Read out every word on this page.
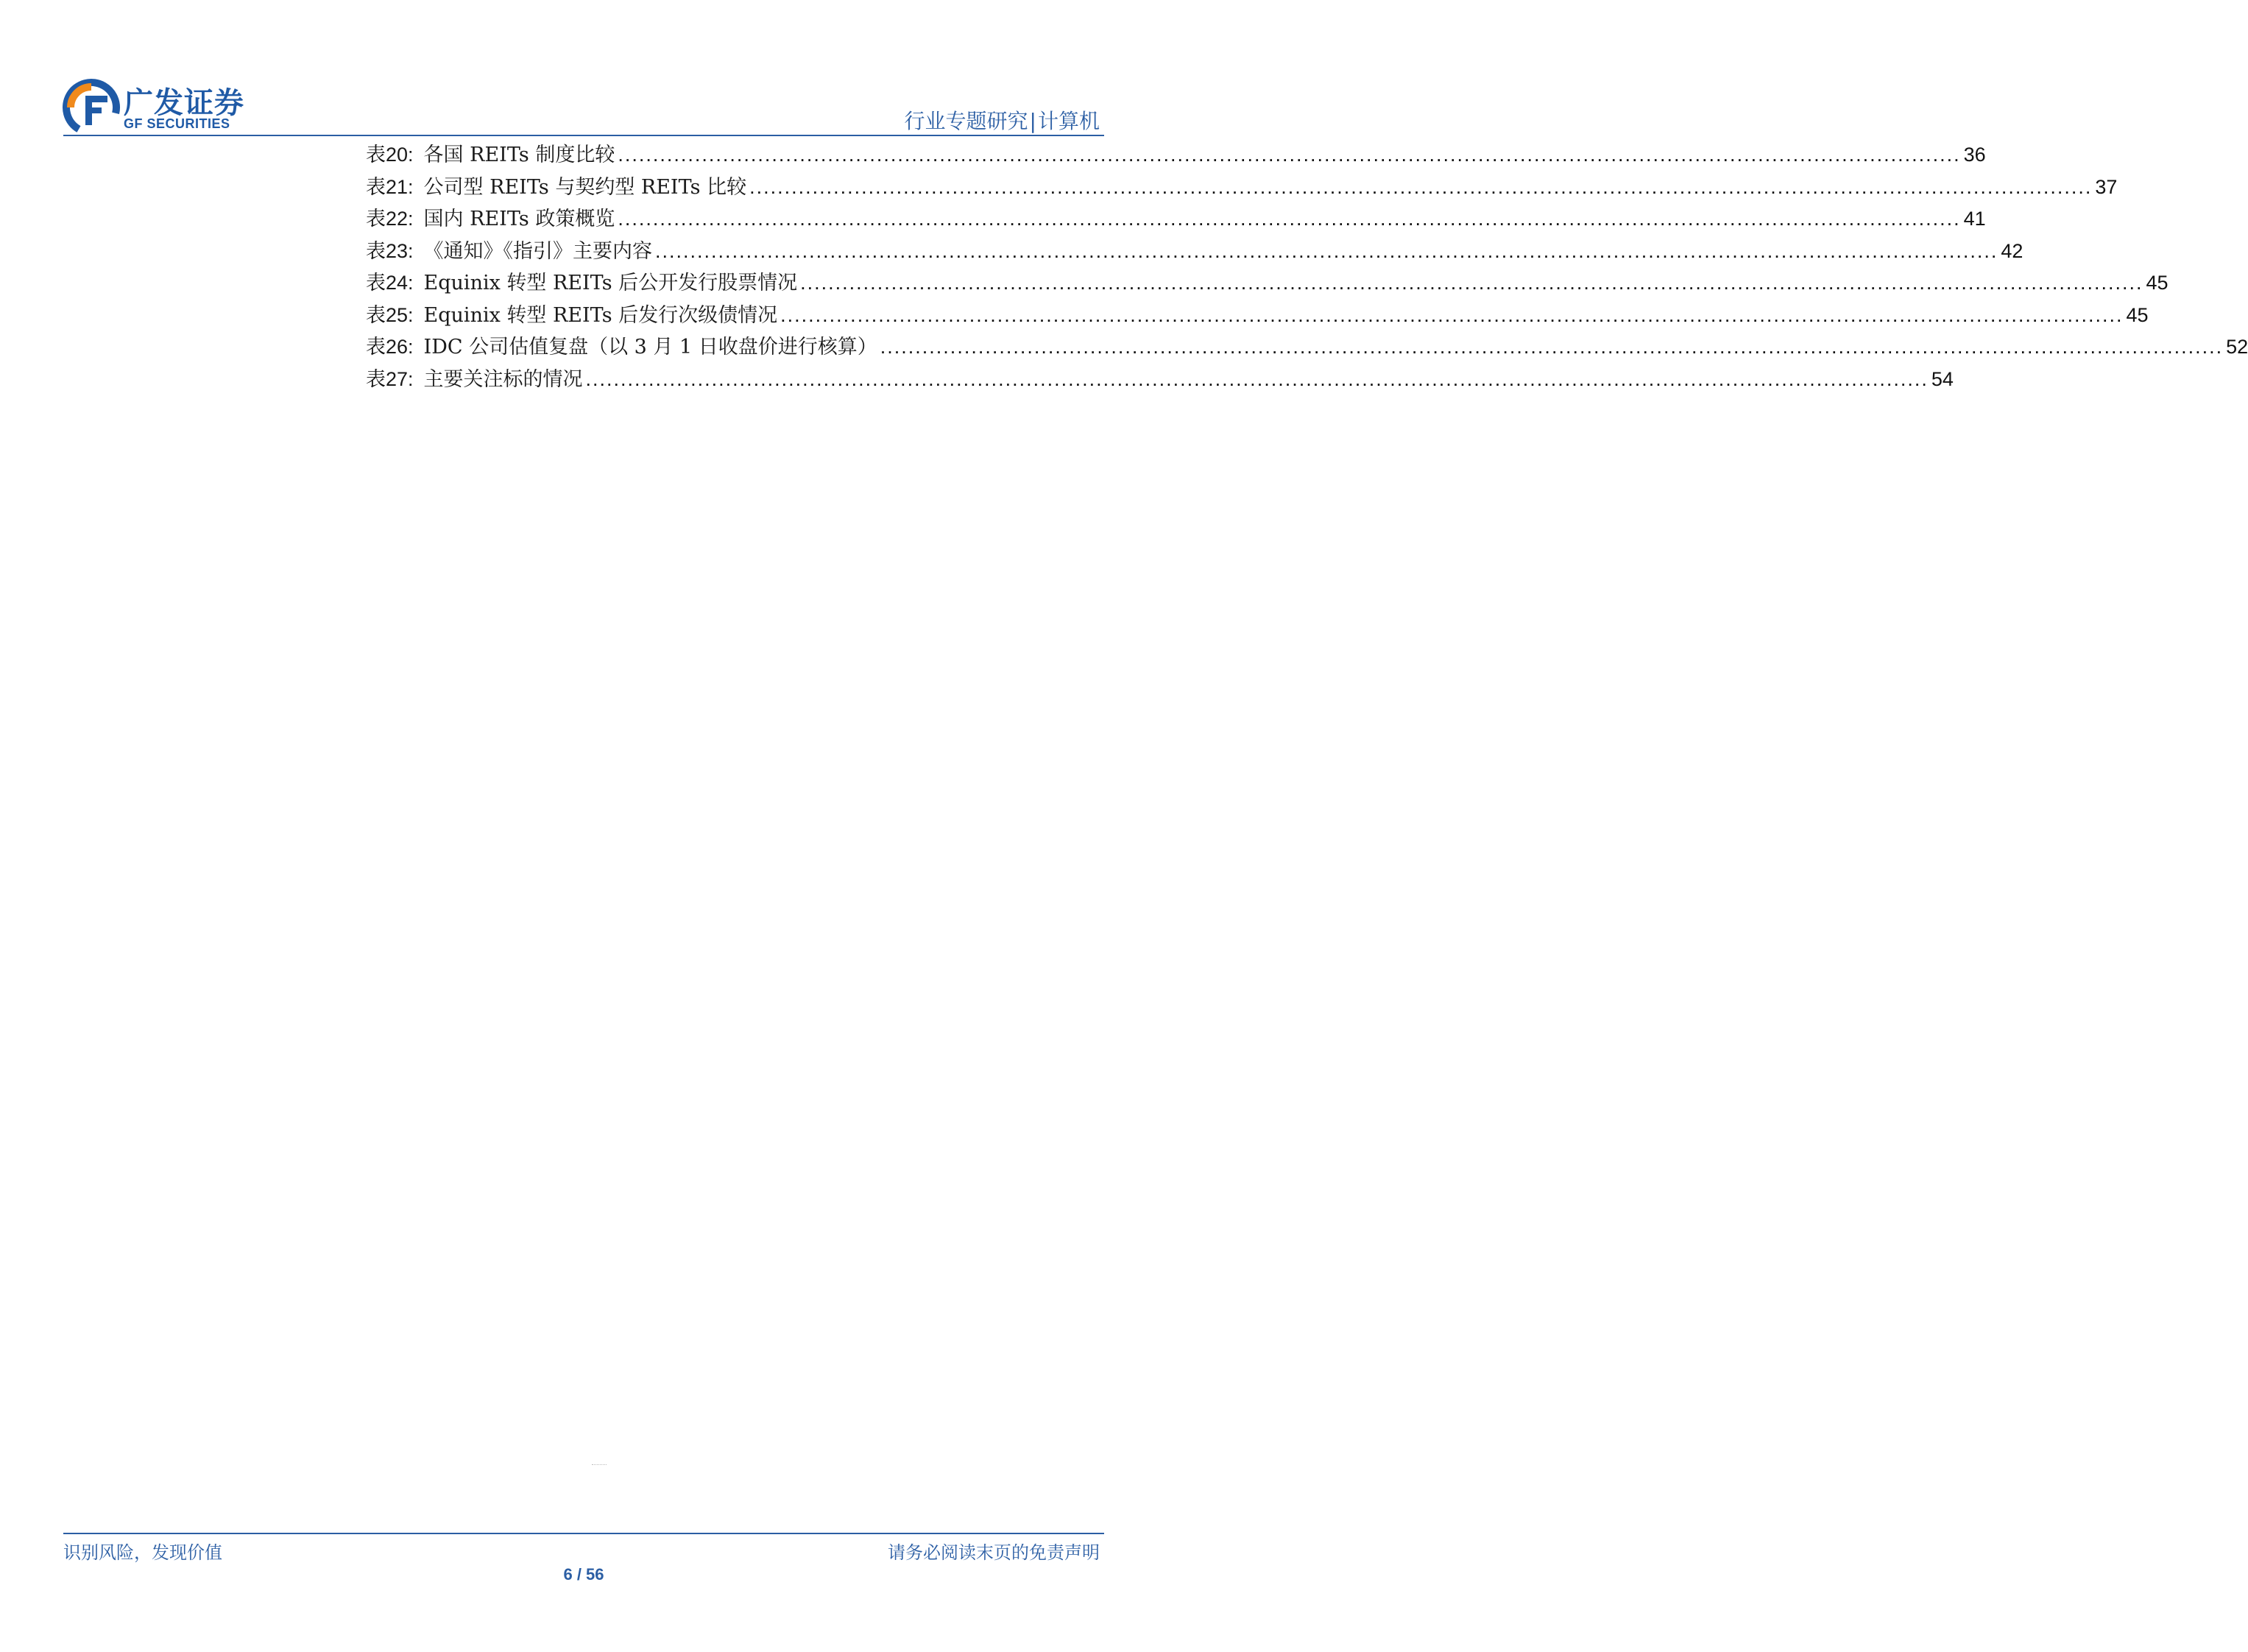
广发证券
GF SECURITIES	行业专题研究|计算机
表 20: 各国 REITs 制度比较 ................................................................................................................................................................................................ 36
表 21: 公司型 REITs 与契约型 REITs 比较 ................................................................................................................................................................................................ 37
表 22: 国内 REITs 政策概览 ................................................................................................................................................................................................ 41
表 23: 《通知》《指引》主要内容 ................................................................................................................................................................................................ 42
表 24: Equinix 转型 REITs 后公开发行股票情况 ................................................................................................................................................................................................ 45
表 25: Equinix 转型 REITs 后发行次级债情况 ................................................................................................................................................................................................ 45
表 26: IDC 公司估值复盘（以 3 月 1 日收盘价进行核算） ................................................................................................................................................................................................ 52
表 27: 主要关注标的情况 ................................................................................................................................................................................................ 54
识别风险，发现价值	请务必阅读末页的免责声明
6 / 56
